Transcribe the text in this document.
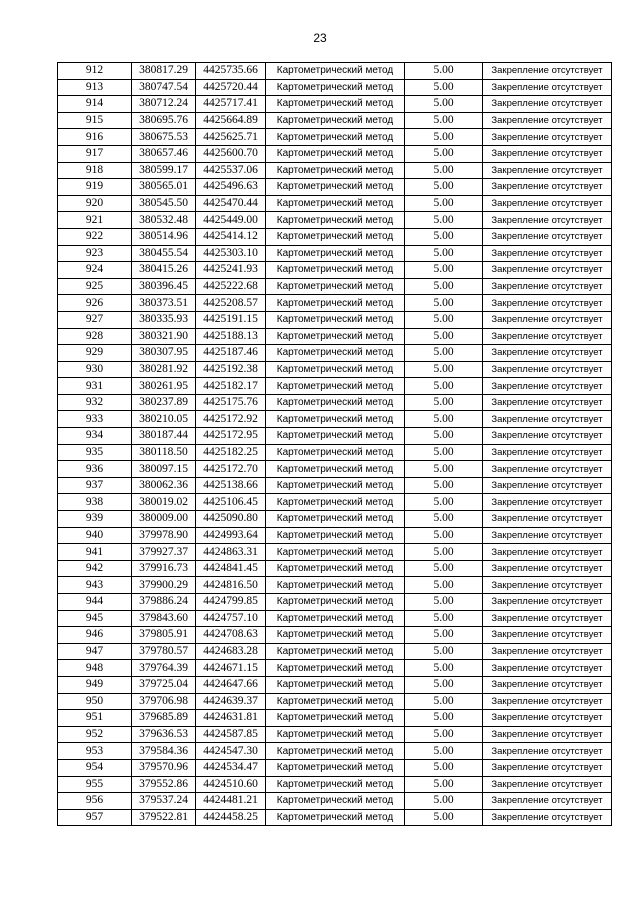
23
912	380817.29	4425735.66	Картометрический метод	5.00	Закрепление отсутствует
913	380747.54	4425720.44	Картометрический метод	5.00	Закрепление отсутствует
914	380712.24	4425717.41	Картометрический метод	5.00	Закрепление отсутствует
915	380695.76	4425664.89	Картометрический метод	5.00	Закрепление отсутствует
916	380675.53	4425625.71	Картометрический метод	5.00	Закрепление отсутствует
917	380657.46	4425600.70	Картометрический метод	5.00	Закрепление отсутствует
918	380599.17	4425537.06	Картометрический метод	5.00	Закрепление отсутствует
919	380565.01	4425496.63	Картометрический метод	5.00	Закрепление отсутствует
920	380545.50	4425470.44	Картометрический метод	5.00	Закрепление отсутствует
921	380532.48	4425449.00	Картометрический метод	5.00	Закрепление отсутствует
922	380514.96	4425414.12	Картометрический метод	5.00	Закрепление отсутствует
923	380455.54	4425303.10	Картометрический метод	5.00	Закрепление отсутствует
924	380415.26	4425241.93	Картометрический метод	5.00	Закрепление отсутствует
925	380396.45	4425222.68	Картометрический метод	5.00	Закрепление отсутствует
926	380373.51	4425208.57	Картометрический метод	5.00	Закрепление отсутствует
927	380335.93	4425191.15	Картометрический метод	5.00	Закрепление отсутствует
928	380321.90	4425188.13	Картометрический метод	5.00	Закрепление отсутствует
929	380307.95	4425187.46	Картометрический метод	5.00	Закрепление отсутствует
930	380281.92	4425192.38	Картометрический метод	5.00	Закрепление отсутствует
931	380261.95	4425182.17	Картометрический метод	5.00	Закрепление отсутствует
932	380237.89	4425175.76	Картометрический метод	5.00	Закрепление отсутствует
933	380210.05	4425172.92	Картометрический метод	5.00	Закрепление отсутствует
934	380187.44	4425172.95	Картометрический метод	5.00	Закрепление отсутствует
935	380118.50	4425182.25	Картометрический метод	5.00	Закрепление отсутствует
936	380097.15	4425172.70	Картометрический метод	5.00	Закрепление отсутствует
937	380062.36	4425138.66	Картометрический метод	5.00	Закрепление отсутствует
938	380019.02	4425106.45	Картометрический метод	5.00	Закрепление отсутствует
939	380009.00	4425090.80	Картометрический метод	5.00	Закрепление отсутствует
940	379978.90	4424993.64	Картометрический метод	5.00	Закрепление отсутствует
941	379927.37	4424863.31	Картометрический метод	5.00	Закрепление отсутствует
942	379916.73	4424841.45	Картометрический метод	5.00	Закрепление отсутствует
943	379900.29	4424816.50	Картометрический метод	5.00	Закрепление отсутствует
944	379886.24	4424799.85	Картометрический метод	5.00	Закрепление отсутствует
945	379843.60	4424757.10	Картометрический метод	5.00	Закрепление отсутствует
946	379805.91	4424708.63	Картометрический метод	5.00	Закрепление отсутствует
947	379780.57	4424683.28	Картометрический метод	5.00	Закрепление отсутствует
948	379764.39	4424671.15	Картометрический метод	5.00	Закрепление отсутствует
949	379725.04	4424647.66	Картометрический метод	5.00	Закрепление отсутствует
950	379706.98	4424639.37	Картометрический метод	5.00	Закрепление отсутствует
951	379685.89	4424631.81	Картометрический метод	5.00	Закрепление отсутствует
952	379636.53	4424587.85	Картометрический метод	5.00	Закрепление отсутствует
953	379584.36	4424547.30	Картометрический метод	5.00	Закрепление отсутствует
954	379570.96	4424534.47	Картометрический метод	5.00	Закрепление отсутствует
955	379552.86	4424510.60	Картометрический метод	5.00	Закрепление отсутствует
956	379537.24	4424481.21	Картометрический метод	5.00	Закрепление отсутствует
957	379522.81	4424458.25	Картометрический метод	5.00	Закрепление отсутствует
